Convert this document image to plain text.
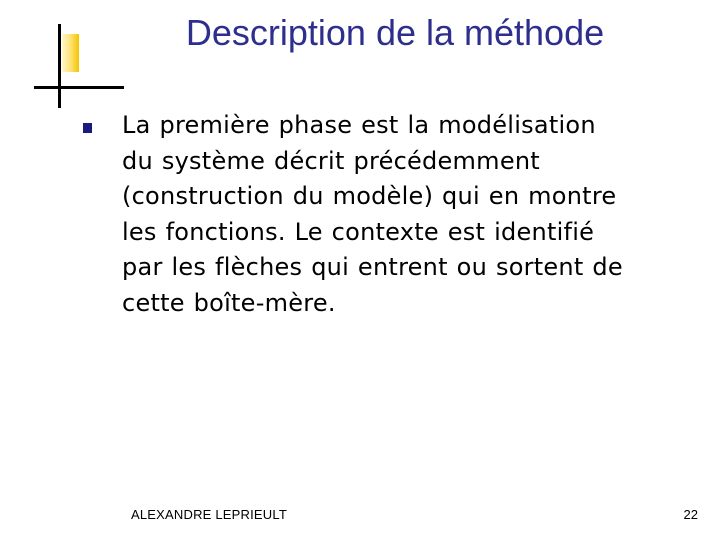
Description de la méthode
La première phase est la modélisation
du système décrit précédemment
(construction du modèle) qui en montre
les fonctions. Le contexte est identifié
par les flèches qui entrent ou sortent de
cette boîte-mère.
ALEXANDRE LEPRIEULT	22
